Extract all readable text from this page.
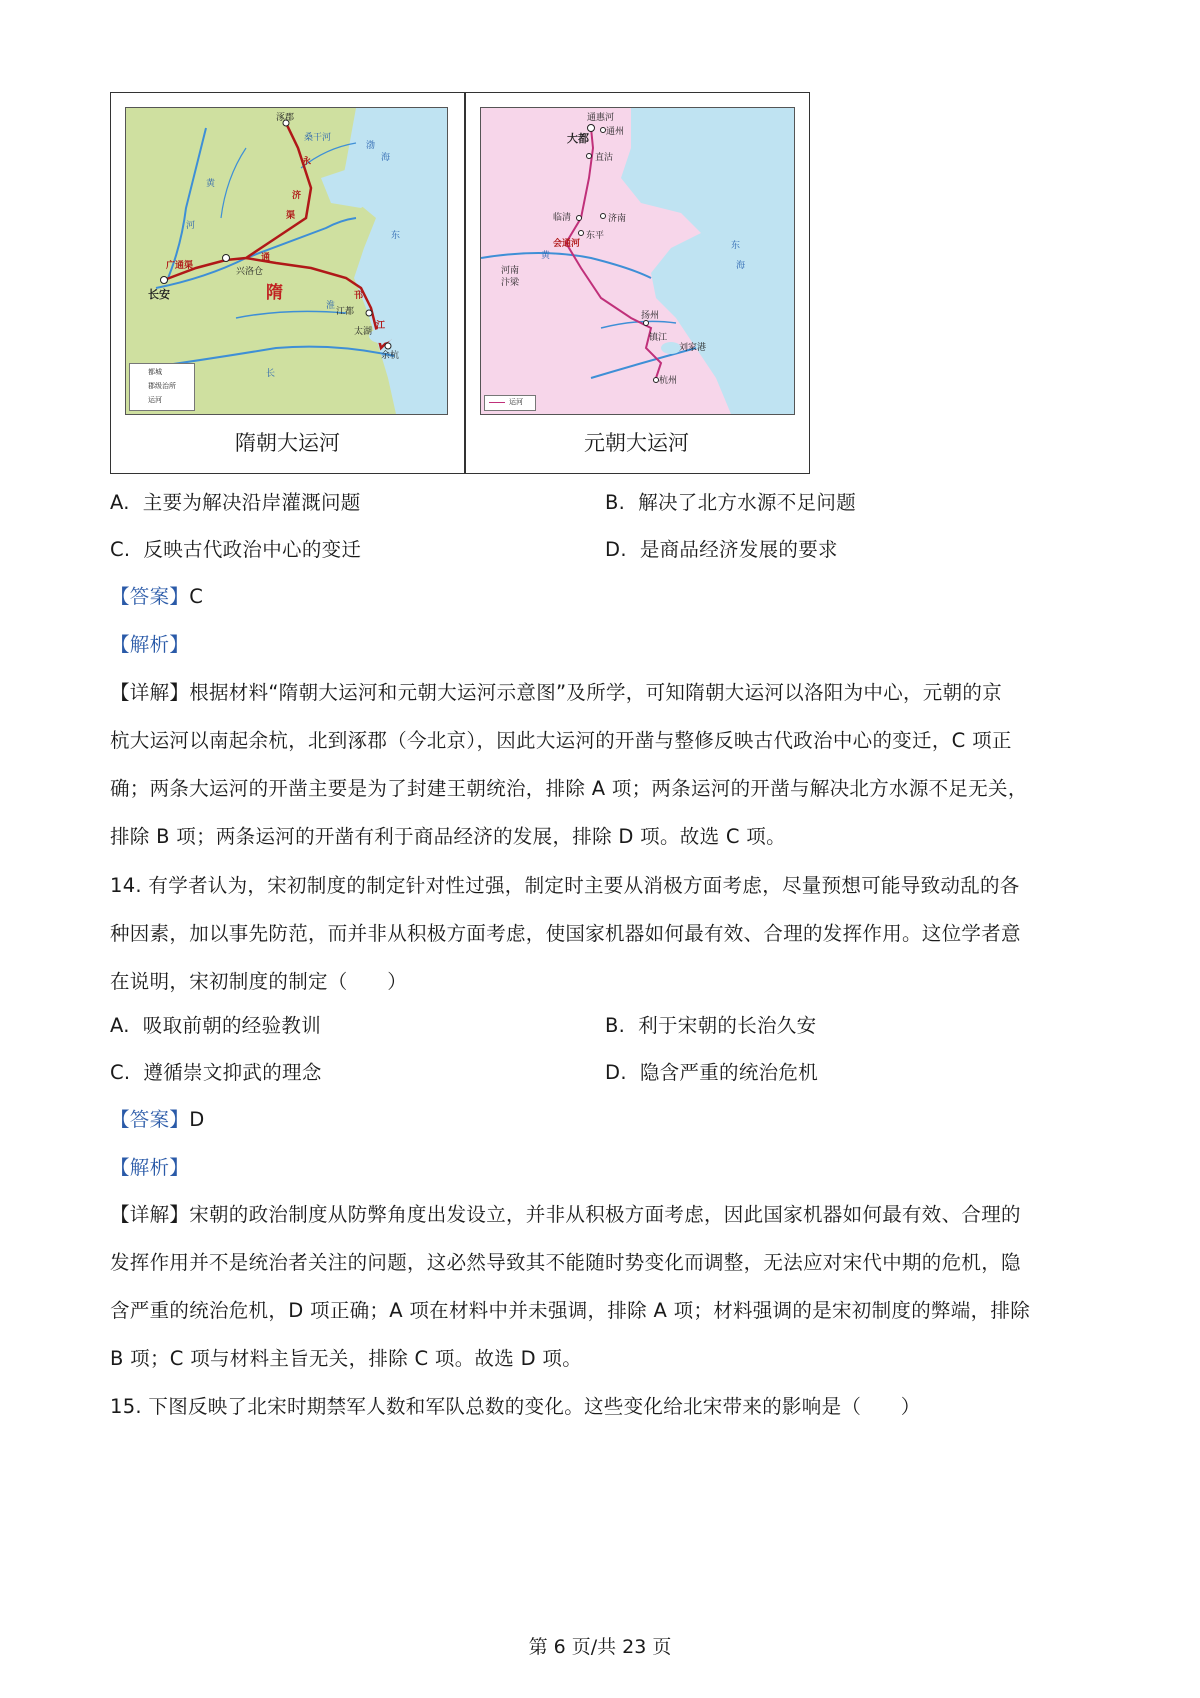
涿郡
桑干河
渤
海
黄
河
永
济
渠
通
广通渠
长安
兴洛仓
隋	邗
江都
江
太湖
余杭
淮
长
东
都城
郡级治所
运河
通惠河
大都 通州
直沽
临清	济南
东平
会通河
河南
汴梁
黄
东
海
扬州
镇江
刘家港
杭州
运河
隋朝大运河	元朝大运河
A. 主要为解决沿岸灌溉问题	B. 解决了北方水源不足问题
C. 反映古代政治中心的变迁	D. 是商品经济发展的要求
【答案】C
【解析】
【详解】根据材料“隋朝大运河和元朝大运河示意图”及所学，可知隋朝大运河以洛阳为中心，元朝的京
杭大运河以南起余杭，北到涿郡（今北京），因此大运河的开凿与整修反映古代政治中心的变迁，C 项正
确；两条大运河的开凿主要是为了封建王朝统治，排除 A 项；两条运河的开凿与解决北方水源不足无关，
排除 B 项；两条运河的开凿有利于商品经济的发展，排除 D 项。故选 C 项。
14. 有学者认为，宋初制度的制定针对性过强，制定时主要从消极方面考虑，尽量预想可能导致动乱的各
种因素，加以事先防范，而并非从积极方面考虑，使国家机器如何最有效、合理的发挥作用。这位学者意
在说明，宋初制度的制定（　　）
A. 吸取前朝的经验教训	B. 利于宋朝的长治久安
C. 遵循崇文抑武的理念	D. 隐含严重的统治危机
【答案】D
【解析】
【详解】宋朝的政治制度从防弊角度出发设立，并非从积极方面考虑，因此国家机器如何最有效、合理的
发挥作用并不是统治者关注的问题，这必然导致其不能随时势变化而调整，无法应对宋代中期的危机，隐
含严重的统治危机，D 项正确；A 项在材料中并未强调，排除 A 项；材料强调的是宋初制度的弊端，排除
B 项；C 项与材料主旨无关，排除 C 项。故选 D 项。
15. 下图反映了北宋时期禁军人数和军队总数的变化。这些变化给北宋带来的影响是（　　）
第 6 页/共 23 页
